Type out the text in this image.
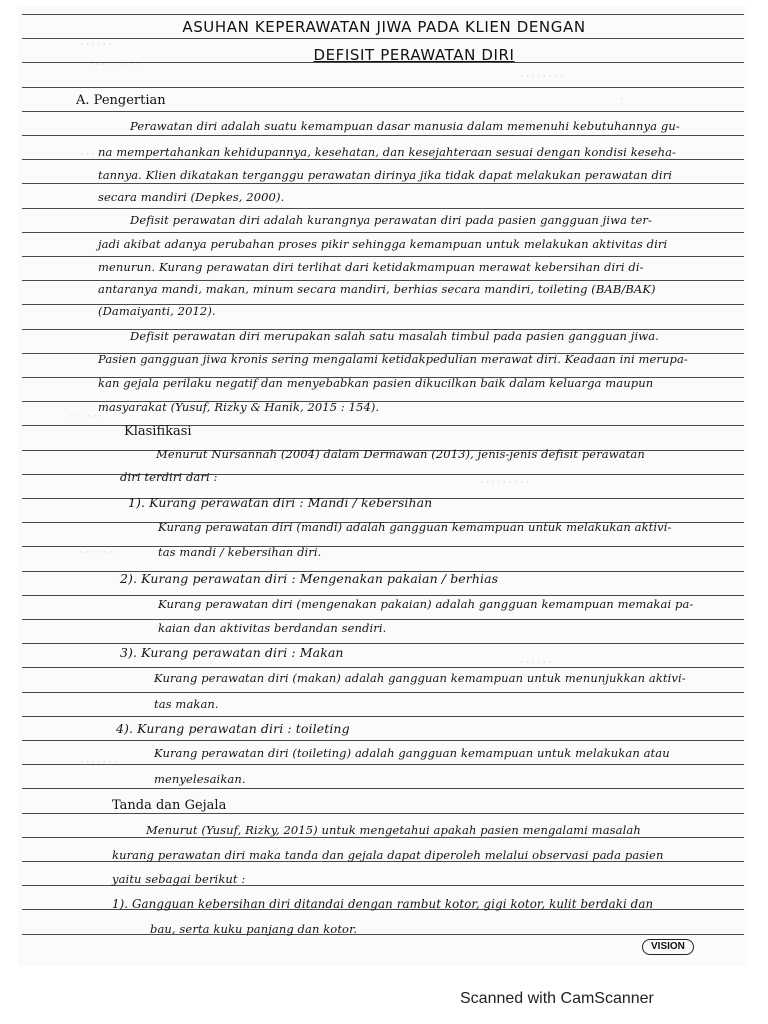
· · · · · ·
· · · · · · · · ·
· · · · · · · ·
·
· · · · ·
· · · · · ·
· · · · · · · · ·
· · · · · · ·
· · · · · ·
· · · · · · ·
ASUHAN KEPERAWATAN JIWA PADA KLIEN DENGAN
DEFISIT PERAWATAN DIRI

A. Pengertian

Perawatan diri adalah suatu kemampuan dasar manusia dalam memenuhi kebutuhannya gu-

na mempertahankan kehidupannya, kesehatan, dan kesejahteraan sesuai dengan kondisi keseha-

tannya. Klien dikatakan terganggu perawatan dirinya jika tidak dapat melakukan perawatan diri

secara mandiri (Depkes, 2000).

Defisit perawatan diri adalah kurangnya perawatan diri pada pasien gangguan jiwa ter-

jadi akibat adanya perubahan proses pikir sehingga kemampuan untuk melakukan aktivitas diri

menurun. Kurang perawatan diri terlihat dari ketidakmampuan merawat kebersihan diri di-

antaranya mandi, makan, minum secara mandiri, berhias secara mandiri, toileting (BAB/BAK)

(Damaiyanti, 2012).

Defisit perawatan diri merupakan salah satu masalah timbul pada pasien gangguan jiwa.

Pasien gangguan jiwa kronis sering mengalami ketidakpedulian merawat diri. Keadaan ini merupa-

kan gejala perilaku negatif dan menyebabkan pasien dikucilkan baik dalam keluarga maupun

masyarakat (Yusuf, Rizky & Hanik, 2015 : 154).

Klasifikasi

Menurut Nursannah (2004) dalam Dermawan (2013), jenis-jenis defisit perawatan

diri terdiri dari :

1). Kurang perawatan diri : Mandi / kebersihan

Kurang perawatan diri (mandi) adalah gangguan kemampuan untuk melakukan aktivi-

tas mandi / kebersihan diri.

2). Kurang perawatan diri : Mengenakan pakaian / berhias

Kurang perawatan diri (mengenakan pakaian) adalah gangguan kemampuan memakai pa-

kaian dan aktivitas berdandan sendiri.

3). Kurang perawatan diri : Makan

Kurang perawatan diri (makan) adalah gangguan kemampuan untuk menunjukkan aktivi-

tas makan.

4). Kurang perawatan diri : toileting

Kurang perawatan diri (toileting) adalah gangguan kemampuan untuk melakukan atau

menyelesaikan.

Tanda dan Gejala

Menurut (Yusuf, Rizky, 2015) untuk mengetahui apakah pasien mengalami masalah

kurang perawatan diri maka tanda dan gejala dapat diperoleh melalui observasi pada pasien

yaitu sebagai berikut :

1). Gangguan kebersihan diri ditandai dengan rambut kotor, gigi kotor, kulit berdaki dan

bau, serta kuku panjang dan kotor.

VISION
Scanned with CamScanner
